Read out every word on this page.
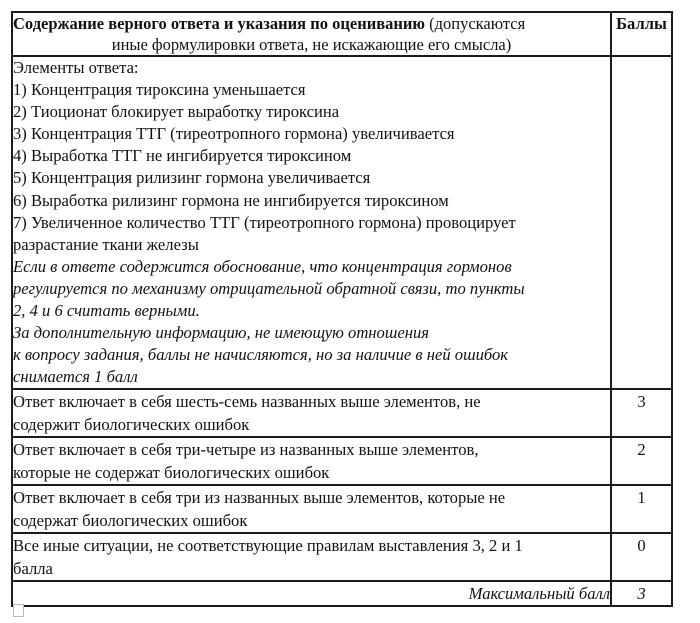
Содержание верного ответа и указания по оцениванию (допускаются
иные формулировки ответа, не искажающие его смысла)	Баллы

Элементы ответа:
1) Концентрация тироксина уменьшается
2) Тиоционат блокирует выработку тироксина
3) Концентрация ТТГ (тиреотропного гормона) увеличивается
4) Выработка ТТГ не ингибируется тироксином
5) Концентрация рилизинг гормона увеличивается
6) Выработка рилизинг гормона не ингибируется тироксином
7) Увеличенное количество ТТГ (тиреотропного гормона) провоцирует
разрастание ткани железы
Если в ответе содержится обоснование, что концентрация гормонов
регулируется по механизму отрицательной обратной связи, то пункты
2, 4 и 6 считать верными.
За дополнительную информацию, не имеющую отношения
к вопросу задания, баллы не начисляются, но за наличие в ней ошибок
снимается 1 балл

Ответ включает в себя шесть-семь названных выше элементов, не
содержит биологических ошибок	3

Ответ включает в себя три-четыре из названных выше элементов,
которые не содержат биологических ошибок	2

Ответ включает в себя три из названных выше элементов, которые не
содержат биологических ошибок	1

Все иные ситуации, не соответствующие правилам выставления 3, 2 и 1
балла	0
Максимальный балл	3
